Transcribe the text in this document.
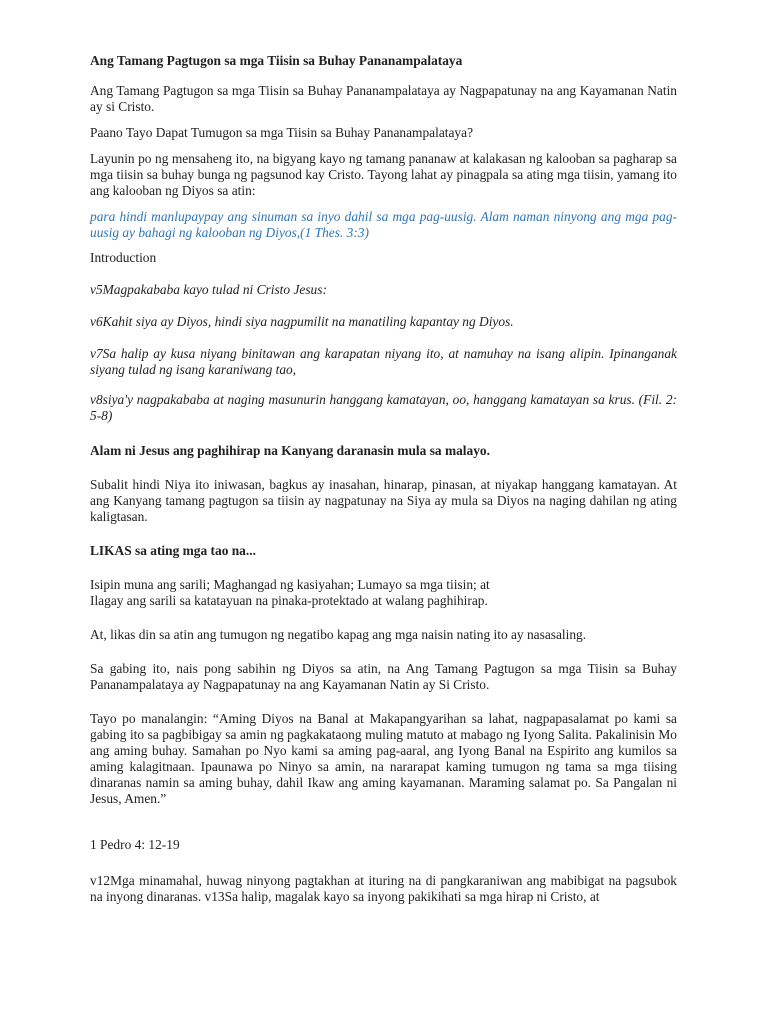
Ang Tamang Pagtugon sa mga Tiisin sa Buhay Pananampalataya

Ang Tamang Pagtugon sa mga Tiisin sa Buhay Pananampalataya ay Nagpapatunay na ang Kayamanan Natin ay si Cristo.

Paano Tayo Dapat Tumugon sa mga Tiisin sa Buhay Pananampalataya?

Layunin po ng mensaheng ito, na bigyang kayo ng tamang pananaw at kalakasan ng kalooban sa pagharap sa mga tiisin sa buhay bunga ng pagsunod kay Cristo. Tayong lahat ay pinagpala sa ating mga tiisin, yamang ito ang kalooban ng Diyos sa atin:

para hindi manlupaypay ang sinuman sa inyo dahil sa mga pag-uusig. Alam naman ninyong ang mga pag-uusig ay bahagi ng kalooban ng Diyos,(1 Thes. 3:3)

Introduction

v5Magpakababa kayo tulad ni Cristo Jesus:

v6Kahit siya ay Diyos, hindi siya nagpumilit na manatiling kapantay ng Diyos.

v7Sa halip ay kusa niyang binitawan ang karapatan niyang ito, at namuhay na isang alipin. Ipinanganak siyang tulad ng isang karaniwang tao,

v8siya'y nagpakababa at naging masunurin hanggang kamatayan, oo, hanggang kamatayan sa krus. (Fil. 2: 5-8)

Alam ni Jesus ang paghihirap na Kanyang daranasin mula sa malayo.

Subalit hindi Niya ito iniwasan, bagkus ay inasahan, hinarap, pinasan, at niyakap hanggang kamatayan. At ang Kanyang tamang pagtugon sa tiisin ay nagpatunay na Siya ay mula sa Diyos na naging dahilan ng ating kaligtasan.

LIKAS sa ating mga tao na...

Isipin muna ang sarili; Maghangad ng kasiyahan; Lumayo sa mga tiisin; at
Ilagay ang sarili sa katatayuan na pinaka-protektado at walang paghihirap.

At, likas din sa atin ang tumugon ng negatibo kapag ang mga naisin nating ito ay nasasaling.

Sa gabing ito, nais pong sabihin ng Diyos sa atin, na Ang Tamang Pagtugon sa mga Tiisin sa Buhay Pananampalataya ay Nagpapatunay na ang Kayamanan Natin ay Si Cristo.

Tayo po manalangin: “Aming Diyos na Banal at Makapangyarihan sa lahat, nagpapasalamat po kami sa gabing ito sa pagbibigay sa amin ng pagkakataong muling matuto at mabago ng Iyong Salita. Pakalinisin Mo ang aming buhay. Samahan po Nyo kami sa aming pag-aaral, ang Iyong Banal na Espirito ang kumilos sa aming kalagitnaan. Ipaunawa po Ninyo sa amin, na nararapat kaming tumugon ng tama sa mga tiising dinaranas namin sa aming buhay, dahil Ikaw ang aming kayamanan. Maraming salamat po. Sa Pangalan ni Jesus, Amen.”

1 Pedro 4: 12-19

v12Mga minamahal, huwag ninyong pagtakhan at ituring na di pangkaraniwan ang mabibigat na pagsubok na inyong dinaranas. v13Sa halip, magalak kayo sa inyong pakikihati sa mga hirap ni Cristo, at
